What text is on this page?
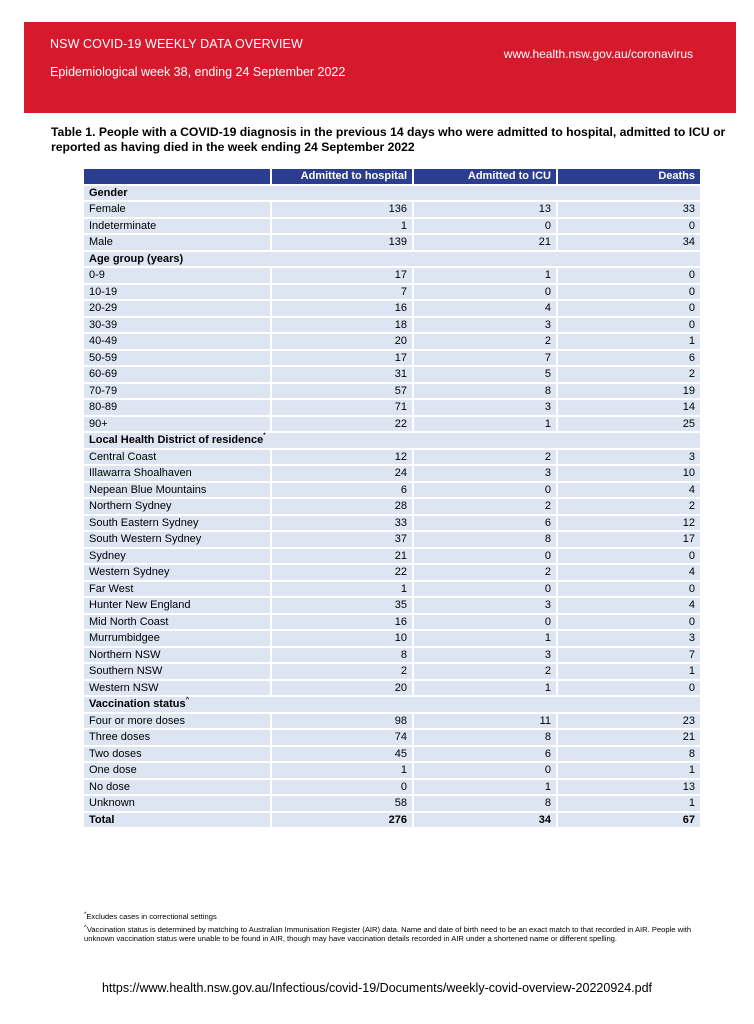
NSW COVID-19 WEEKLY DATA OVERVIEW
Epidemiological week 38, ending 24 September 2022
www.health.nsw.gov.au/coronavirus
Table 1. People with a COVID-19 diagnosis in the previous 14 days who were admitted to hospital, admitted to ICU or reported as having died in the week ending 24 September 2022
	Admitted to hospital	Admitted to ICU	Deaths
Gender			
Female	136	13	33
Indeterminate	1	0	0
Male	139	21	34
Age group (years)			
0-9	17	1	0
10-19	7	0	0
20-29	16	4	0
30-39	18	3	0
40-49	20	2	1
50-59	17	7	6
60-69	31	5	2
70-79	57	8	19
80-89	71	3	14
90+	22	1	25
Local Health District of residence*
Central Coast	12	2	3
Illawarra Shoalhaven	24	3	10
Nepean Blue Mountains	6	0	4
Northern Sydney	28	2	2
South Eastern Sydney	33	6	12
South Western Sydney	37	8	17
Sydney	21	0	0
Western Sydney	22	2	4
Far West	1	0	0
Hunter New England	35	3	4
Mid North Coast	16	0	0
Murrumbidgee	10	1	3
Northern NSW	8	3	7
Southern NSW	2	2	1
Western NSW	20	1	0
Vaccination status^
Four or more doses	98	11	23
Three doses	74	8	21
Two doses	45	6	8
One dose	1	0	1
No dose	0	1	13
Unknown	58	8	1
Total	276	34	67

*Excludes cases in correctional settings

^Vaccination status is determined by matching to Australian Immunisation Register (AIR) data. Name and date of birth need to be an exact match to that recorded in AIR. People with unknown vaccination status were unable to be found in AIR, though may have vaccination details recorded in AIR under a shortened name or different spelling.

https://www.health.nsw.gov.au/Infectious/covid-19/Documents/weekly-covid-overview-20220924.pdf
